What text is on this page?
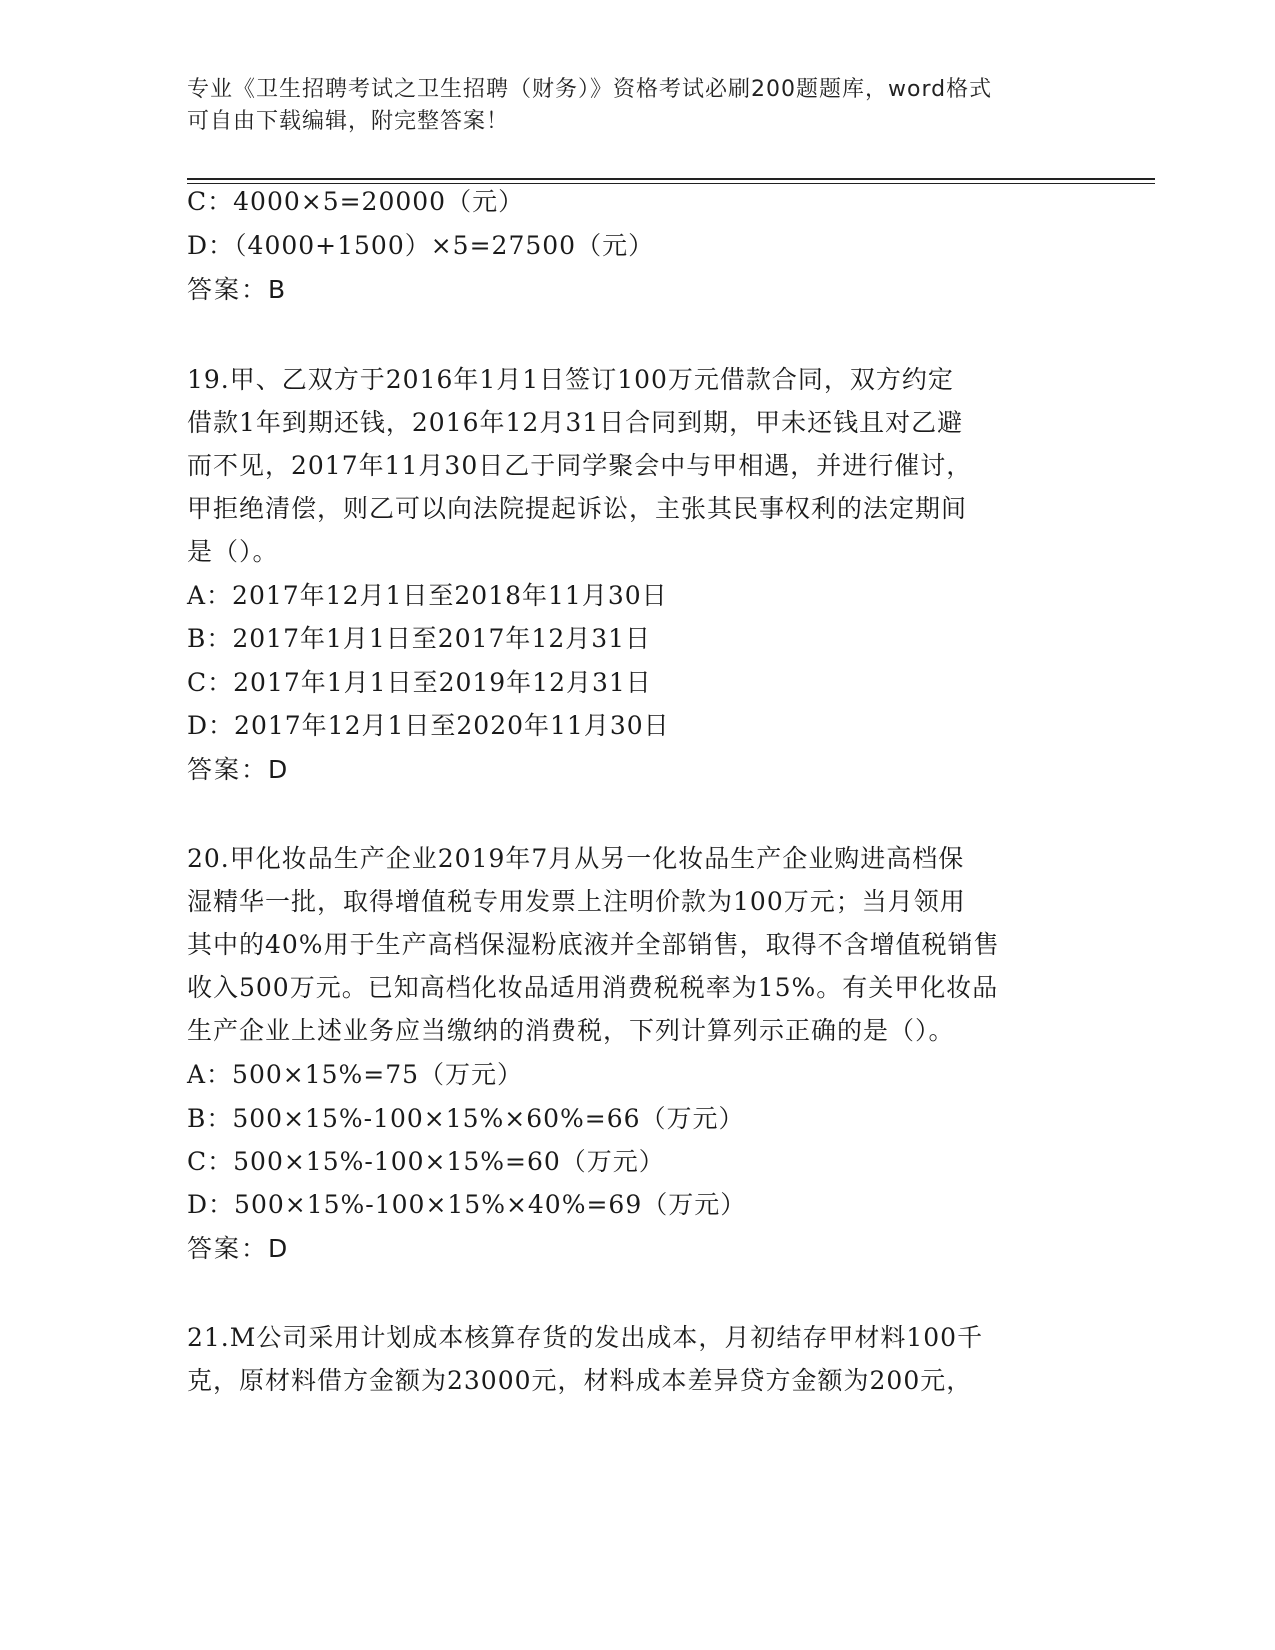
专业《卫生招聘考试之卫生招聘（财务）》资格考试必刷200题题库，word格式
可自由下载编辑，附完整答案！
C：4000×5=20000（元）
D：（4000+1500）×5=27500（元）
答案：B
19.甲、乙双方于2016年1月1日签订100万元借款合同，双方约定
借款1年到期还钱，2016年12月31日合同到期，甲未还钱且对乙避
而不见，2017年11月30日乙于同学聚会中与甲相遇，并进行催讨，
甲拒绝清偿，则乙可以向法院提起诉讼，主张其民事权利的法定期间
是（）。
A：2017年12月1日至2018年11月30日
B：2017年1月1日至2017年12月31日
C：2017年1月1日至2019年12月31日
D：2017年12月1日至2020年11月30日
答案：D
20.甲化妆品生产企业2019年7月从另一化妆品生产企业购进高档保
湿精华一批，取得增值税专用发票上注明价款为100万元；当月领用
其中的40%用于生产高档保湿粉底液并全部销售，取得不含增值税销售
收入500万元。已知高档化妆品适用消费税税率为15%。有关甲化妆品
生产企业上述业务应当缴纳的消费税，下列计算列示正确的是（）。
A：500×15%=75（万元）
B：500×15%-100×15%×60%=66（万元）
C：500×15%-100×15%=60（万元）
D：500×15%-100×15%×40%=69（万元）
答案：D
21.M公司采用计划成本核算存货的发出成本，月初结存甲材料100千
克，原材料借方金额为23000元，材料成本差异贷方金额为200元，
